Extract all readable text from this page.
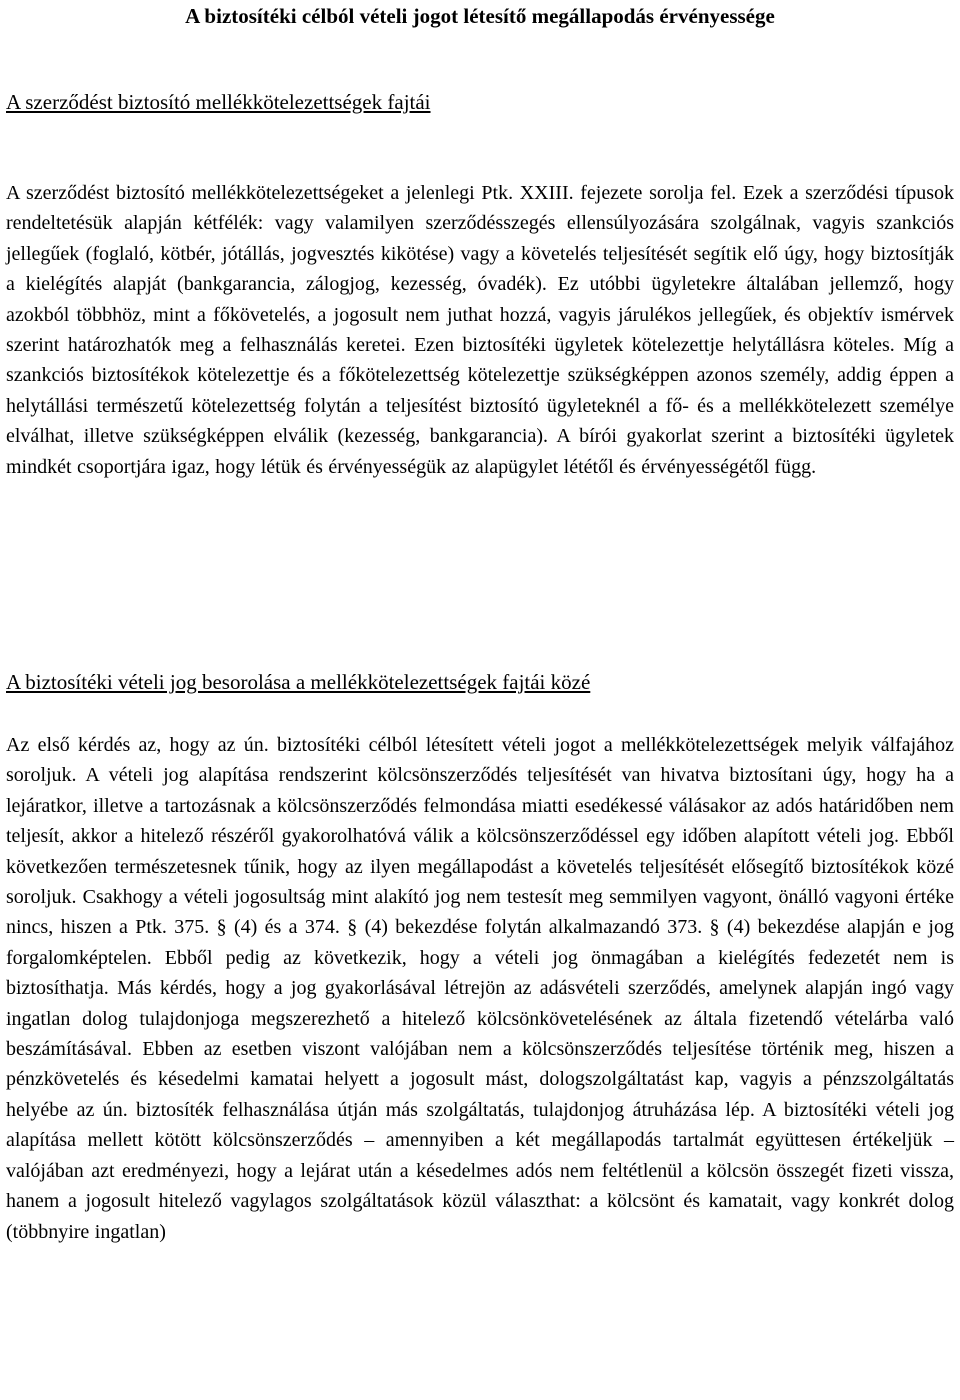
A biztosítéki célból vételi jogot létesítő megállapodás érvényessége
A szerződést biztosító mellékkötelezettségek fajtái

A szerződést biztosító mellékkötelezettségeket a jelenlegi Ptk. XXIII. fejezete sorolja fel. Ezek a szerződési típusok rendeltetésük alapján kétfélék: vagy valamilyen szerződésszegés ellensúlyozására szolgálnak, vagyis szankciós jellegűek (foglaló, kötbér, jótállás, jogvesztés kikötése) vagy a követelés teljesítését segítik elő úgy, hogy biztosítják a kielégítés alapját (bankgarancia, zálogjog, kezesség, óvadék). Ez utóbbi ügyletekre általában jellemző, hogy azokból többhöz, mint a főkövetelés, a jogosult nem juthat hozzá, vagyis járulékos jellegűek, és objektív ismérvek szerint határozhatók meg a felhasználás keretei. Ezen biztosítéki ügyletek kötelezettje helytállásra köteles. Míg a szankciós biztosítékok kötelezettje és a főkötelezettség kötelezettje szükségképpen azonos személy, addig éppen a helytállási természetű kötelezettség folytán a teljesítést biztosító ügyleteknél a fő- és a mellékkötelezett személye elválhat, illetve szükségképpen elválik (kezesség, bankgarancia). A bírói gyakorlat szerint a biztosítéki ügyletek mindkét csoportjára igaz, hogy létük és érvényességük az alapügylet lététől és érvényességétől függ.

A biztosítéki vételi jog besorolása a mellékkötelezettségek fajtái közé

Az első kérdés az, hogy az ún. biztosítéki célból létesített vételi jogot a mellékkötelezettségek melyik válfajához soroljuk. A vételi jog alapítása rendszerint kölcsönszerződés teljesítését van hivatva biztosítani úgy, hogy ha a lejáratkor, illetve a tartozásnak a kölcsönszerződés felmondása miatti esedékessé válásakor az adós határidőben nem teljesít, akkor a hitelező részéről gyakorolhatóvá válik a kölcsönszerződéssel egy időben alapított vételi jog. Ebből következően természetesnek tűnik, hogy az ilyen megállapodást a követelés teljesítését elősegítő biztosítékok közé soroljuk. Csakhogy a vételi jogosultság mint alakító jog nem testesít meg semmilyen vagyont, önálló vagyoni értéke nincs, hiszen a Ptk. 375. § (4) és a 374. § (4) bekezdése folytán alkalmazandó 373. § (4) bekezdése alapján e jog forgalomképtelen. Ebből pedig az következik, hogy a vételi jog önmagában a kielégítés fedezetét nem is biztosíthatja. Más kérdés, hogy a jog gyakorlásával létrejön az adásvételi szerződés, amelynek alapján ingó vagy ingatlan dolog tulajdonjoga megszerezhető a hitelező kölcsönkövetelésének az általa fizetendő vételárba való beszámításával. Ebben az esetben viszont valójában nem a kölcsönszerződés teljesítése történik meg, hiszen a pénzkövetelés és késedelmi kamatai helyett a jogosult mást, dologszolgáltatást kap, vagyis a pénzszolgáltatás helyébe az ún. biztosíték felhasználása útján más szolgáltatás, tulajdonjog átruházása lép. A biztosítéki vételi jog alapítása mellett kötött kölcsönszerződés – amennyiben a két megállapodás tartalmát együttesen értékeljük – valójában azt eredményezi, hogy a lejárat után a késedelmes adós nem feltétlenül a kölcsön összegét fizeti vissza, hanem a jogosult hitelező vagylagos szolgáltatások közül választhat: a kölcsönt és kamatait, vagy konkrét dolog (többnyire ingatlan)
